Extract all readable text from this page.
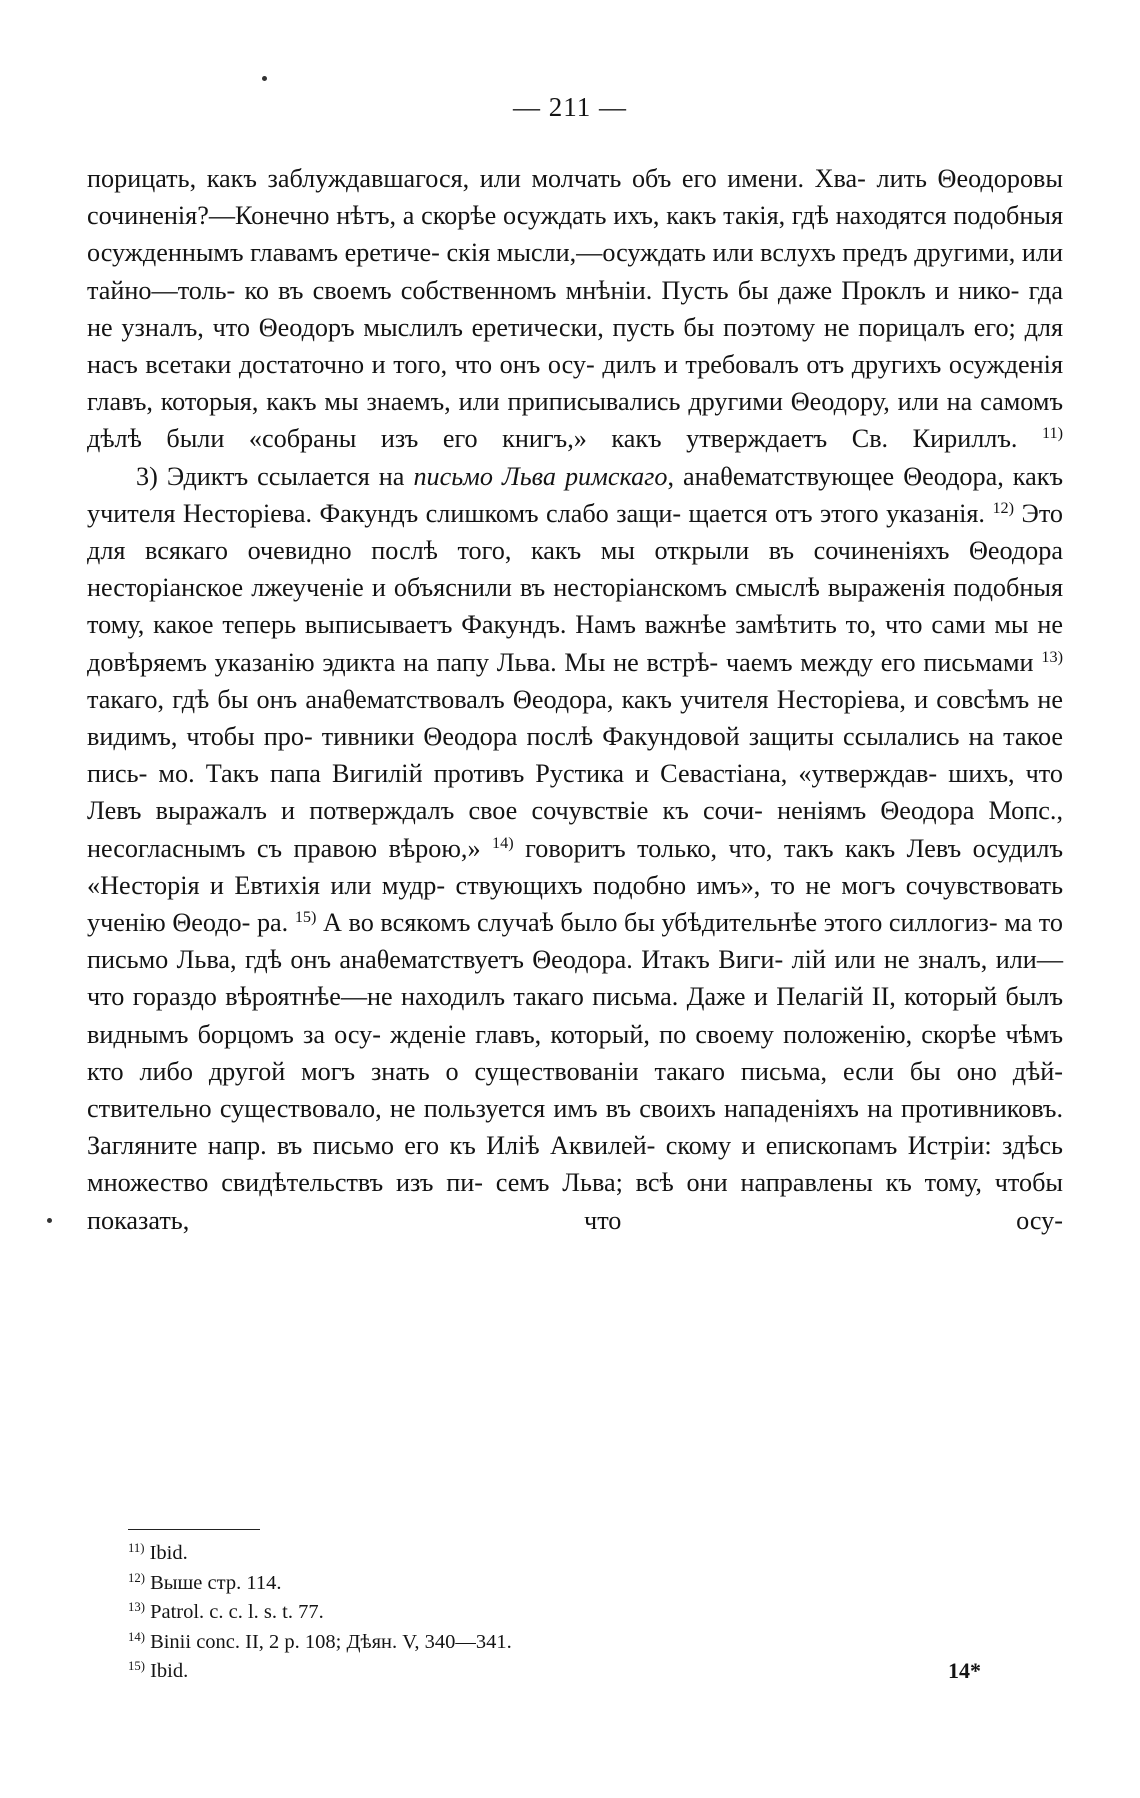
— 211 —

порицать, какъ заблуждавшагося, или молчать объ его имени. Хва- лить Θеодоровы сочиненія?—Конечно нѣтъ, а скорѣе осуждать ихъ, какъ такія, гдѣ находятся подобныя осужденнымъ главамъ еретиче- скія мысли,—осуждать или вслухъ предъ другими, или тайно—толь- ко въ своемъ собственномъ мнѣніи. Пусть бы даже Проклъ и нико- гда не узналъ, что Θеодоръ мыслилъ еретически, пусть бы поэтому не порицалъ его; для насъ всетаки достаточно и того, что онъ осу- дилъ и требовалъ отъ другихъ осужденія главъ, которыя, какъ мы знаемъ, или приписывались другими Θеодору, или на самомъ дѣлѣ были «собраны изъ его книгъ,» какъ утверждаетъ Св. Кириллъ. $^{11)}$

3) Эдиктъ ссылается на письмо Льва римскаго, анаθематствующее Θеодора, какъ учителя Несторіева. Факундъ слишкомъ слабо защи- щается отъ этого указанія. $^{12)}$ Это для всякаго очевидно послѣ того, какъ мы открыли въ сочиненіяхъ Θеодора несторіанское лжеученіе и объяснили въ несторіанскомъ смыслѣ выраженія подобныя тому, какое теперь выписываетъ Факундъ. Намъ важнѣе замѣтить то, что сами мы не довѣряемъ указанію эдикта на папу Льва. Мы не встрѣ- чаемъ между его письмами $^{13)}$ такаго, гдѣ бы онъ анаθематствовалъ Θеодора, какъ учителя Несторіева, и совсѣмъ не видимъ, чтобы про- тивники Θеодора послѣ Факундовой защиты ссылались на такое пись- мо. Такъ папа Вигилій противъ Рустика и Севастіана, «утверждав- шихъ, что Левъ выражалъ и потверждалъ свое сочувствіе къ сочи- неніямъ Θеодора Мопс., несогласнымъ съ правою вѣрою,» $^{14)}$ говоритъ только, что, такъ какъ Левъ осудилъ «Несторія и Евтихія или мудр- ствующихъ подобно имъ», то не могъ сочувствовать ученію Θеодо- ра. $^{15)}$ А во всякомъ случаѣ было бы убѣдительнѣе этого силлогиз- ма то письмо Льва, гдѣ онъ анаθематствуетъ Θеодора. Итакъ Виги- лій или не зналъ, или—что гораздо вѣроятнѣе—не находилъ такаго письма. Даже и Пелагій II, который былъ виднымъ борцомъ за осу- жденіе главъ, который, по своему положенію, скорѣе чѣмъ кто либо другой могъ знать о существованіи такаго письма, если бы оно дѣй- ствительно существовало, не пользуется имъ въ своихъ нападеніяхъ на противниковъ. Загляните напр. въ письмо его къ Иліѣ Аквилей- скому и епископамъ Истріи: здѣсь множество свидѣтельствъ изъ пи- семъ Льва; всѣ они направлены къ тому, чтобы показать, что осу-

$^{11)}$ Ibid.
$^{12)}$ Выше стр. 114.
$^{13)}$ Patrol. c. c. l. s. t. 77.
$^{14)}$ Binii conc. II, 2 p. 108; Дѣян. V, 340—341.
$^{15)}$ Ibid.	14*
